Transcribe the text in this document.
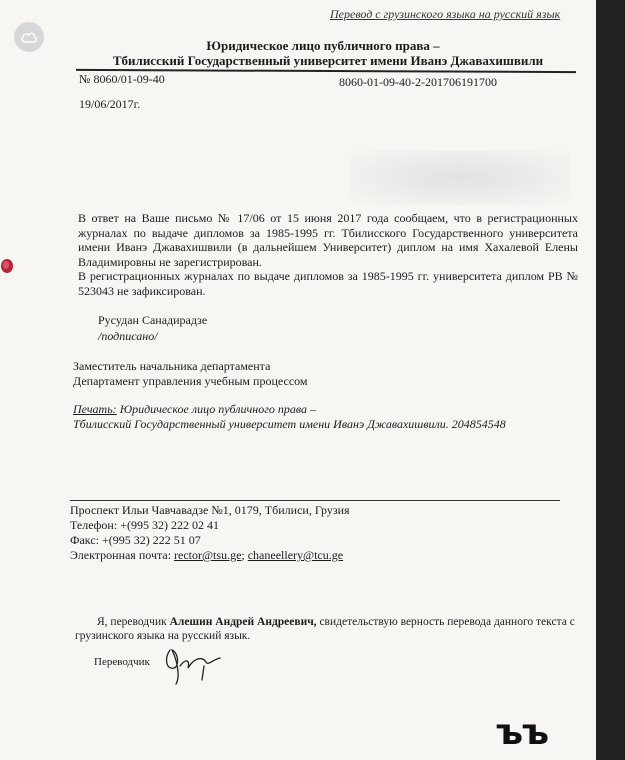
Перевод с грузинского языка на русский язык
Юридическое лицо публичного права –
Тбилисский Государственный университет имени Иванэ Джавахишвили
№ 8060/01-09-40	8060-01-09-40-2-201706191700
19/06/2017г.

В ответ на Ваше письмо № 17/06 от 15 июня 2017 года сообщаем, что в регистрационных журналах по выдаче дипломов за 1985-1995 гг. Тбилисского Государственного университета имени Иванэ Джавахишвили (в дальнейшем Университет) диплом на имя Хахалевой Елены Владимировны не зарегистрирован.

В регистрационных журналах по выдаче дипломов за 1985-1995 гг. университета диплом РВ № 523043 не зафиксирован.

Русудан Санадирадзе
/подписано/
Заместитель начальника департамента
Департамент управления учебным процессом
Печать: Юридическое лицо публичного права –
Тбилисский Государственный университет имени Иванэ Джавахишвили. 204854548
Проспект Ильи Чавчавадзе №1, 0179, Тбилиси, Грузия
Телефон: +(995 32) 222 02 41
Факс: +(995 32) 222 51 07
Электронная почта: rector@tsu.ge; chaneellery@tcu.ge
Я, переводчик Алешин Андрей Андреевич, свидетельствую верность перевода данного текста с грузинского языка на русский язык.
Переводчик
ъъ
